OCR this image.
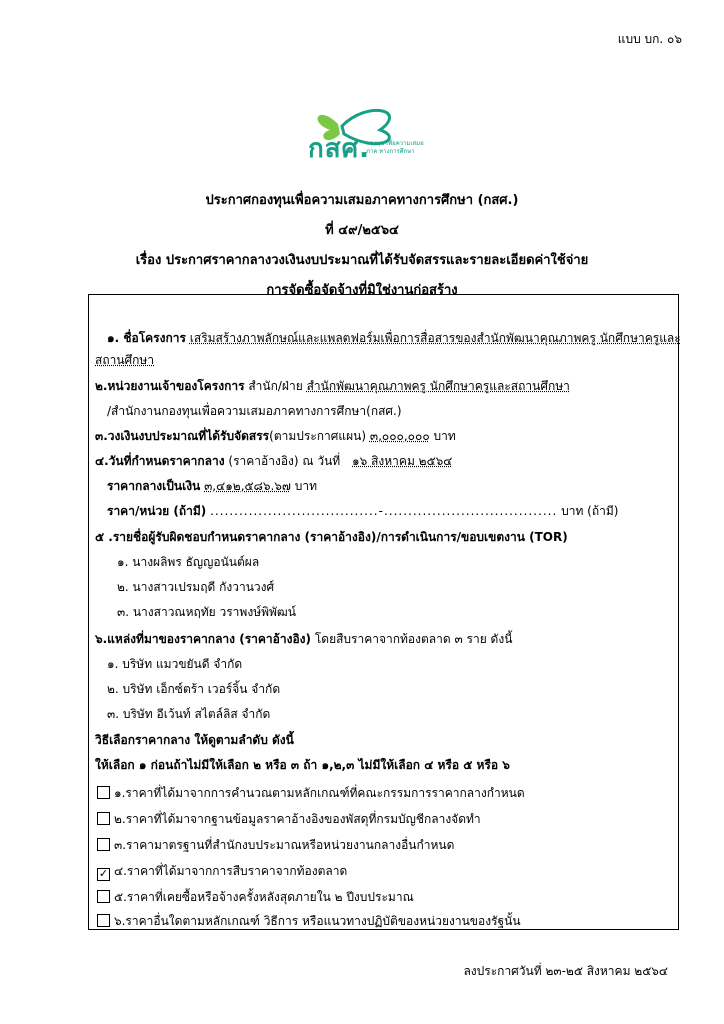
แบบ บก. ๐๖
กสศ.
กองทุน เพื่อความเสมอภาค ทางการศึกษา
ประกาศกองทุนเพื่อความเสมอภาคทางการศึกษา (กสศ.)
ที่ ๔๙/๒๕๖๔
เรื่อง ประกาศราคากลางวงเงินงบประมาณที่ได้รับจัดสรรและรายละเอียดค่าใช้จ่าย
การจัดซื้อจัดจ้างที่มิใช่งานก่อสร้าง
๑. ชื่อโครงการ เสริมสร้างภาพลักษณ์และแพลตฟอร์มเพื่อการสื่อสารของสำนักพัฒนาคุณภาพครู นักศึกษาครูและ
สถานศึกษา
๒.หน่วยงานเจ้าของโครงการ สำนัก/ฝ่าย สำนักพัฒนาคุณภาพครู นักศึกษาครูและสถานศึกษา
/สำนักงานกองทุนเพื่อความเสมอภาคทางการศึกษา(กสศ.)
๓.วงเงินงบประมาณที่ได้รับจัดสรร(ตามประกาศแผน) ๓,๐๐๐,๐๐๐ บาท
๔.วันที่กำหนดราคากลาง (ราคาอ้างอิง) ณ วันที่ ๑๖ สิงหาคม ๒๕๖๔
ราคากลางเป็นเงิน ๓,๔๑๒,๕๘๖.๖๗ บาท
ราคา/หน่วย (ถ้ามี) ...................................-.................................... บาท (ถ้ามี)
๕ .รายชื่อผู้รับผิดชอบกำหนดราคากลาง (ราคาอ้างอิง)/การดำเนินการ/ขอบเขตงาน (TOR)
๑. นางผลิพร ธัญญอนันต์ผล
๒. นางสาวเปรมฤดี กังวานวงศ์
๓. นางสาวณหฤทัย วราพงษ์พิพัฒน์
๖.แหล่งที่มาของราคากลาง (ราคาอ้างอิง) โดยสืบราคาจากท้องตลาด ๓ ราย ดังนี้
๑. บริษัท แมวขยันดี จำกัด
๒. บริษัท เอ็กซ์ตร้า เวอร์จิ้น จำกัด
๓. บริษัท อีเว้นท์ สไตล์ลิส จำกัด
วิธีเลือกราคากลาง ให้ดูตามลำดับ ดังนี้
ให้เลือก ๑ ก่อนถ้าไม่มีให้เลือก ๒ หรือ ๓ ถ้า ๑,๒,๓ ไม่มีให้เลือก ๔ หรือ ๕ หรือ ๖
๑.ราคาที่ได้มาจากการคำนวณตามหลักเกณฑ์ที่คณะกรรมการราคากลางกำหนด
๒.ราคาที่ได้มาจากฐานข้อมูลราคาอ้างอิงของพัสดุที่กรมบัญชีกลางจัดทำ
๓.ราคามาตรฐานที่สำนักงบประมาณหรือหน่วยงานกลางอื่นกำหนด
✓ ๔.ราคาที่ได้มาจากการสืบราคาจากท้องตลาด
๕.ราคาที่เคยซื้อหรือจ้างครั้งหลังสุดภายใน ๒ ปีงบประมาณ
๖.ราคาอื่นใดตามหลักเกณฑ์ วิธีการ หรือแนวทางปฏิบัติของหน่วยงานของรัฐนั้น
ลงประกาศวันที่ ๒๓-๒๕ สิงหาคม ๒๕๖๔
